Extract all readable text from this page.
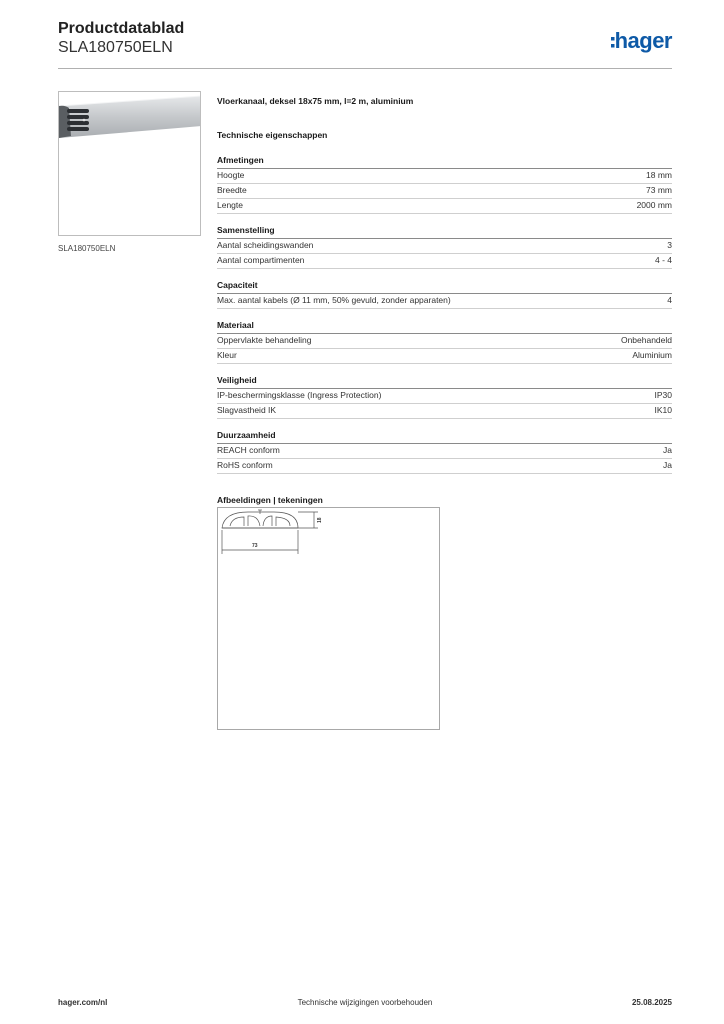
Productdatablad
SLA180750ELN	hager
SLA180750ELN
Vloerkanaal, deksel 18x75 mm, l=2 m, aluminium
Technische eigenschappen
Afmetingen
Hoogte	18 mm
Breedte	73 mm
Lengte	2000 mm
Samenstelling
Aantal scheidingswanden	3
Aantal compartimenten	4 - 4
Capaciteit
Max. aantal kabels (Ø 11 mm, 50% gevuld, zonder apparaten)	4
Materiaal
Oppervlakte behandeling	Onbehandeld
Kleur	Aluminium
Veiligheid
IP-beschermingsklasse (Ingress Protection)	IP30
Slagvastheid IK	IK10
Duurzaamheid
REACH conform	Ja
RoHS conform	Ja
Afbeeldingen | tekeningen
73
18
Technische wijzigingen voorbehouden
hager.com/nl	25.08.2025
